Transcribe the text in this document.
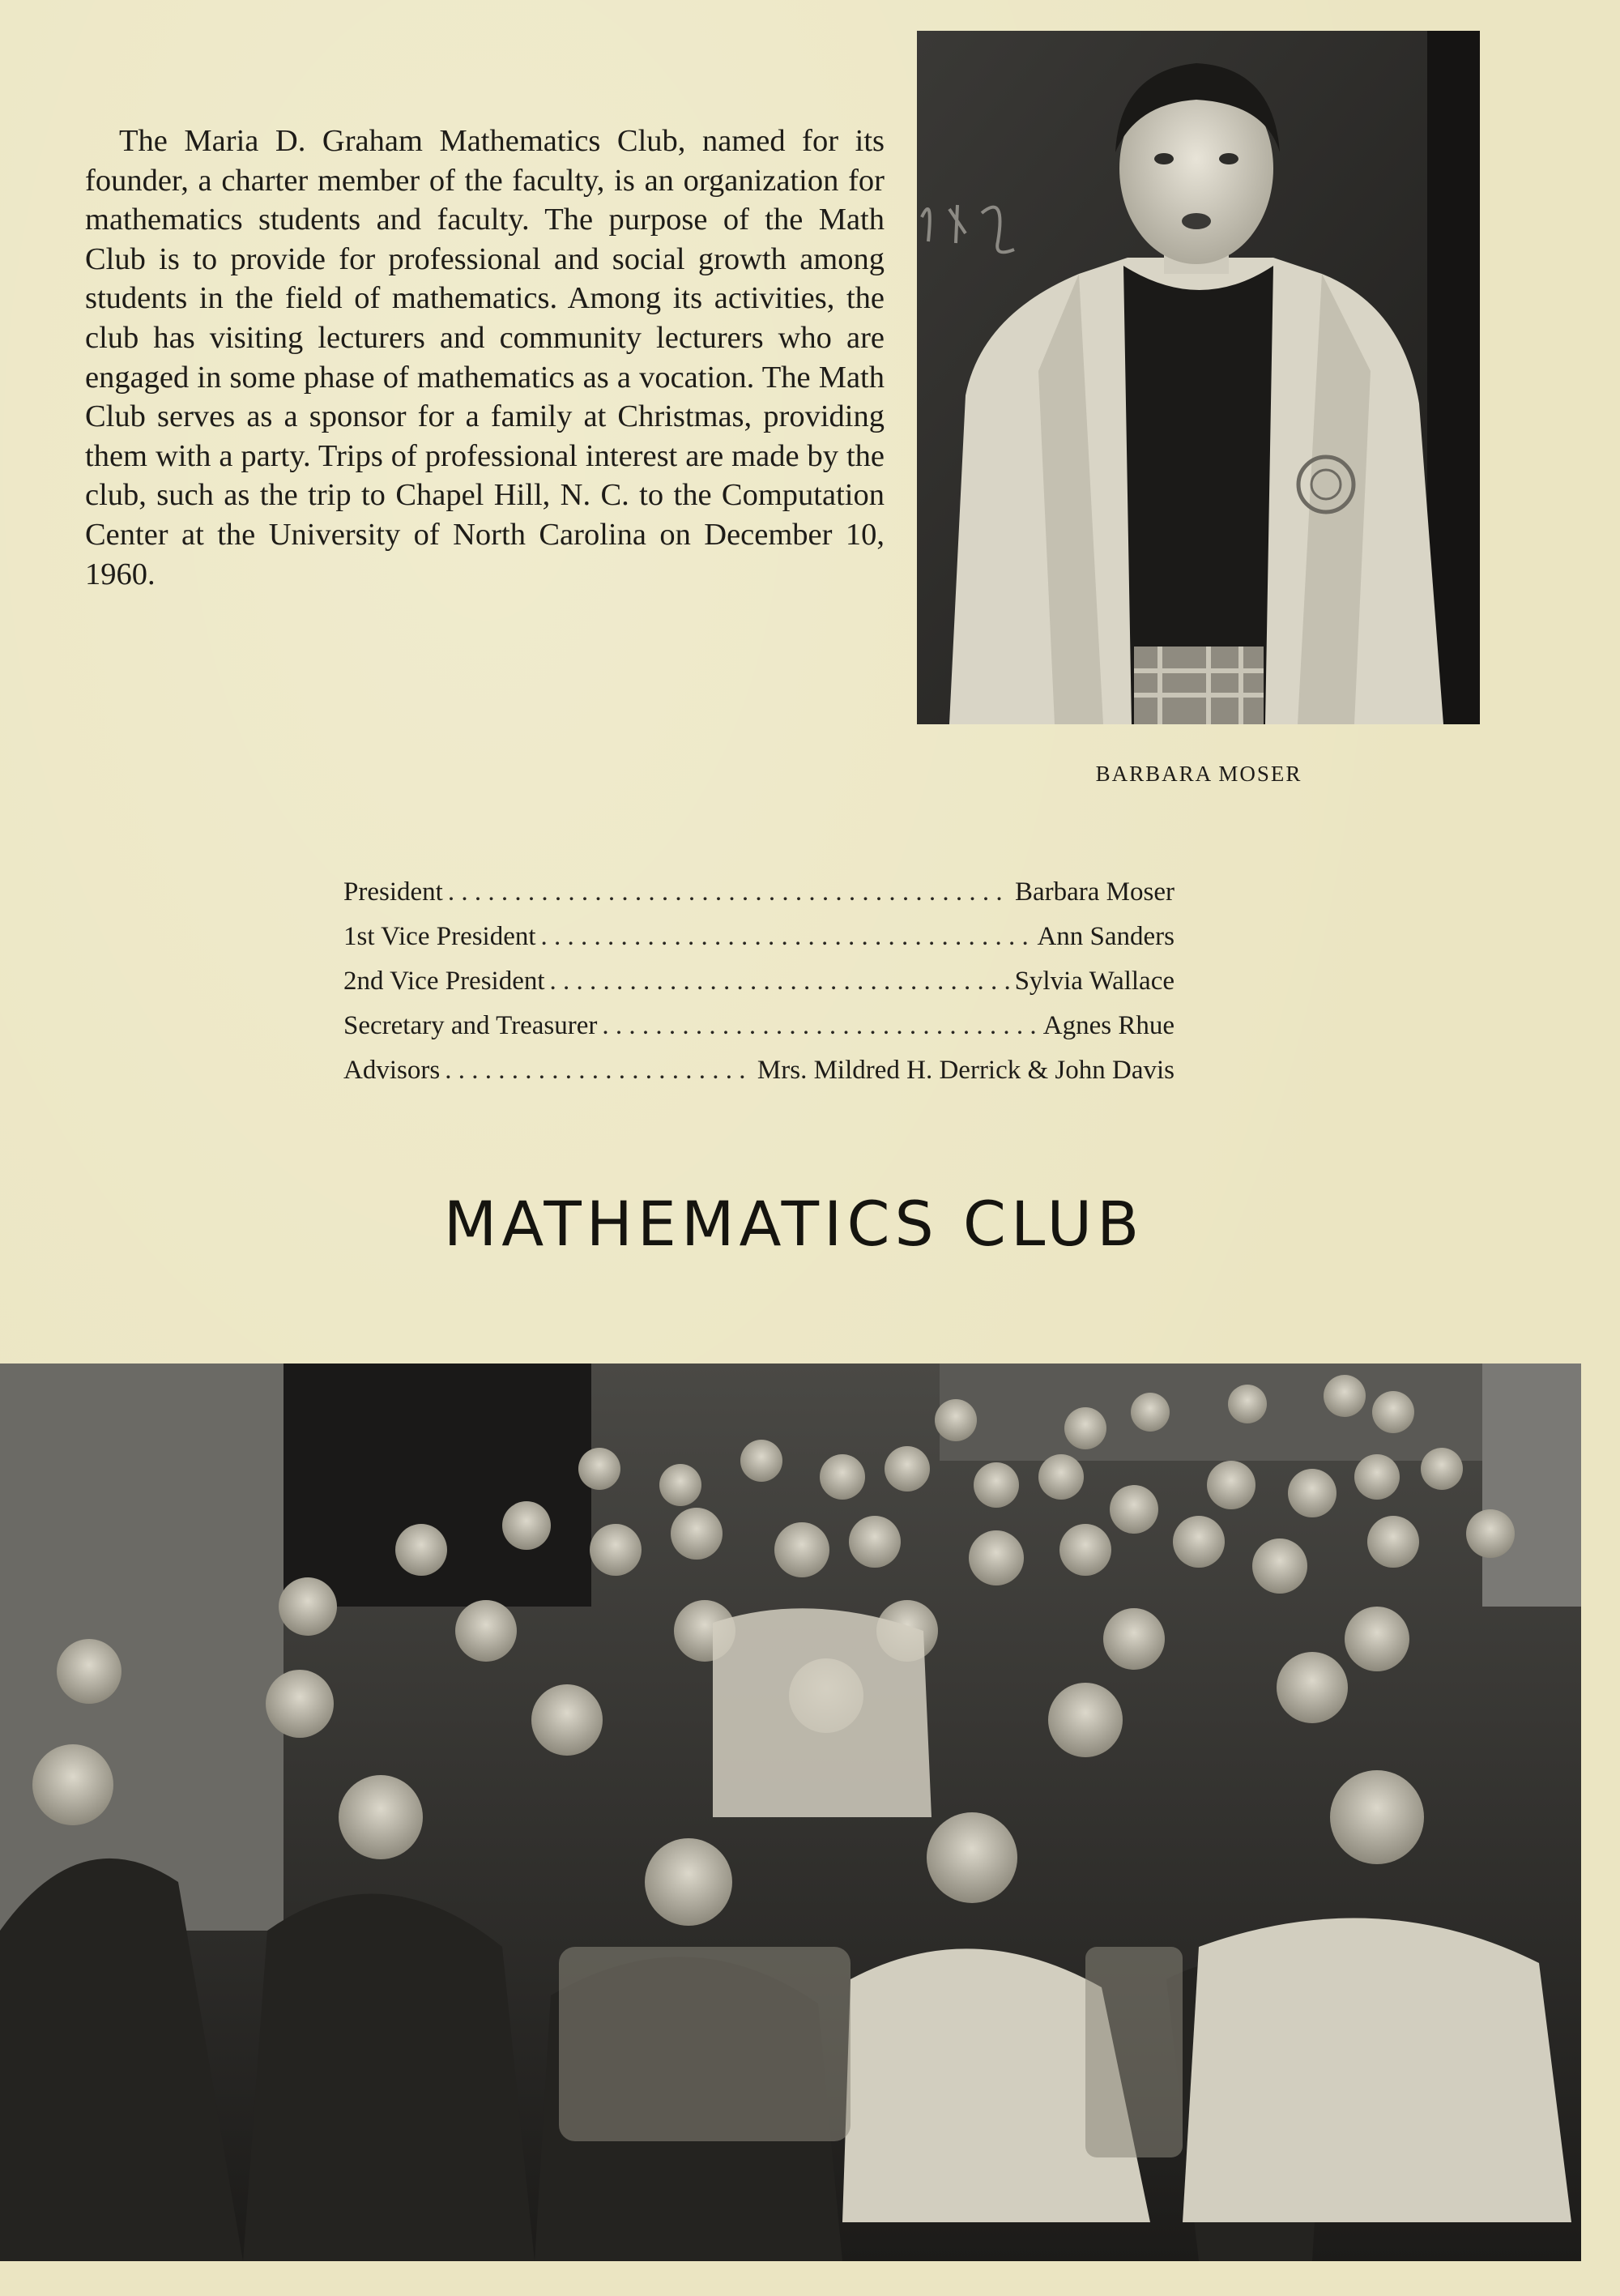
The Maria D. Graham Mathematics Club, named for its founder, a charter member of the faculty, is an organization for mathematics students and faculty. The purpose of the Math Club is to provide for professional and social growth among students in the field of mathematics. Among its activities, the club has visiting lecturers and community lecturers who are engaged in some phase of mathematics as a vocation. The Math Club serves as a sponsor for a family at Christmas, providing them with a party. Trips of professional interest are made by the club, such as the trip to Chapel Hill, N. C. to the Computation Center at the University of North Carolina on December 10, 1960.

BARBARA MOSER
President . . .	Barbara Moser
1st Vice President . . .	Ann Sanders
2nd Vice President . . .	Sylvia Wallace
Secretary and Treasurer . . .	Agnes Rhue
Advisors . . .	Mrs. Mildred H. Derrick & John Davis
MATHEMATICS CLUB
